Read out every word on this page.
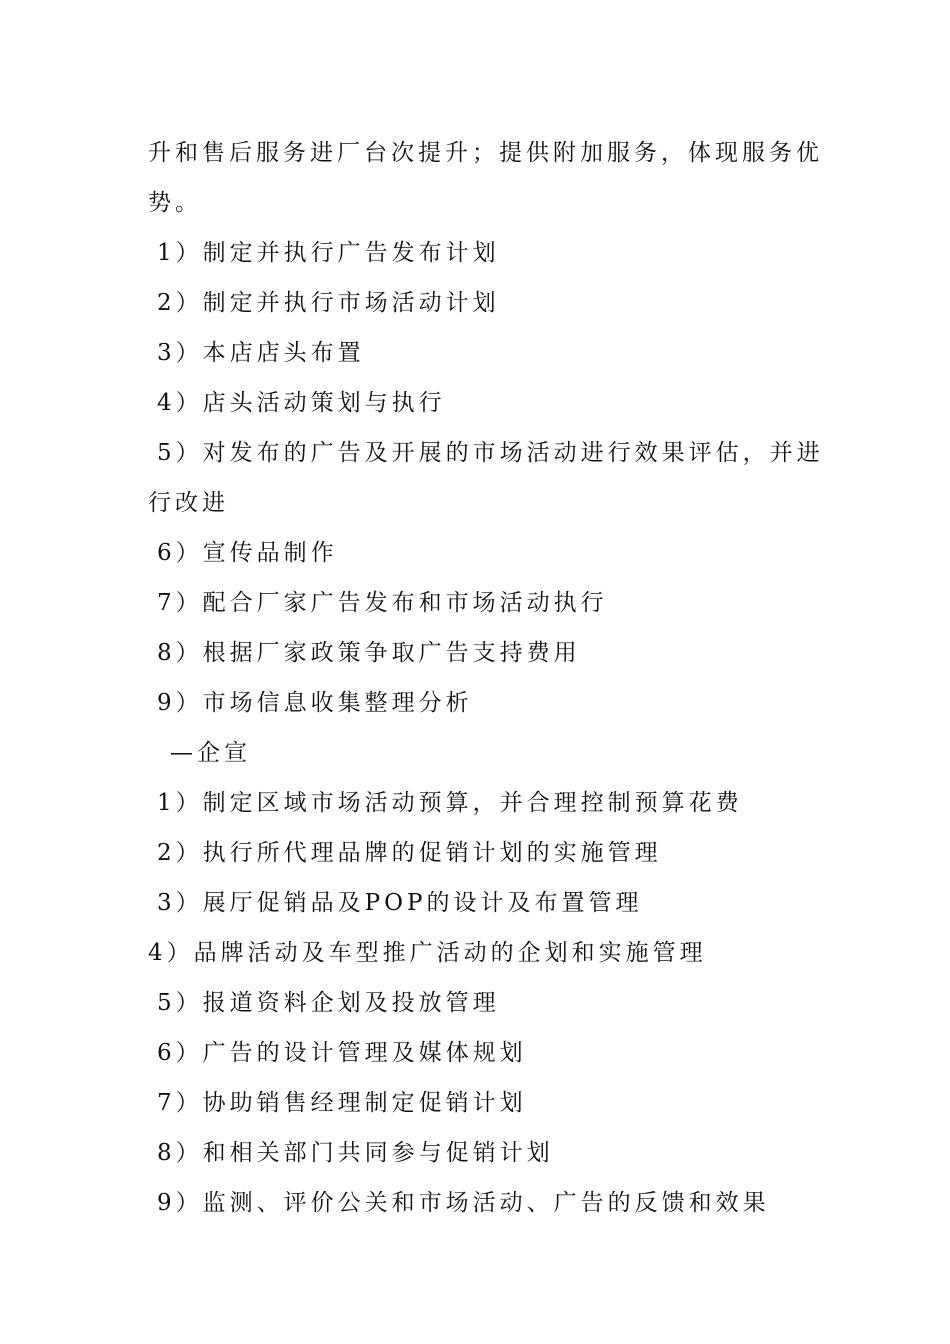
升和售后服务进厂台次提升；提供附加服务，体现服务优
势。
1）制定并执行广告发布计划
2）制定并执行市场活动计划
3）本店店头布置
4）店头活动策划与执行
5）对发布的广告及开展的市场活动进行效果评估，并进
行改进
6）宣传品制作
7）配合厂家广告发布和市场活动执行
8）根据厂家政策争取广告支持费用
9）市场信息收集整理分析
—企宣
1）制定区域市场活动预算，并合理控制预算花费
2）执行所代理品牌的促销计划的实施管理
3）展厅促销品及POP的设计及布置管理
4）品牌活动及车型推广活动的企划和实施管理
5）报道资料企划及投放管理
6）广告的设计管理及媒体规划
7）协助销售经理制定促销计划
8）和相关部门共同参与促销计划
9）监测、评价公关和市场活动、广告的反馈和效果
